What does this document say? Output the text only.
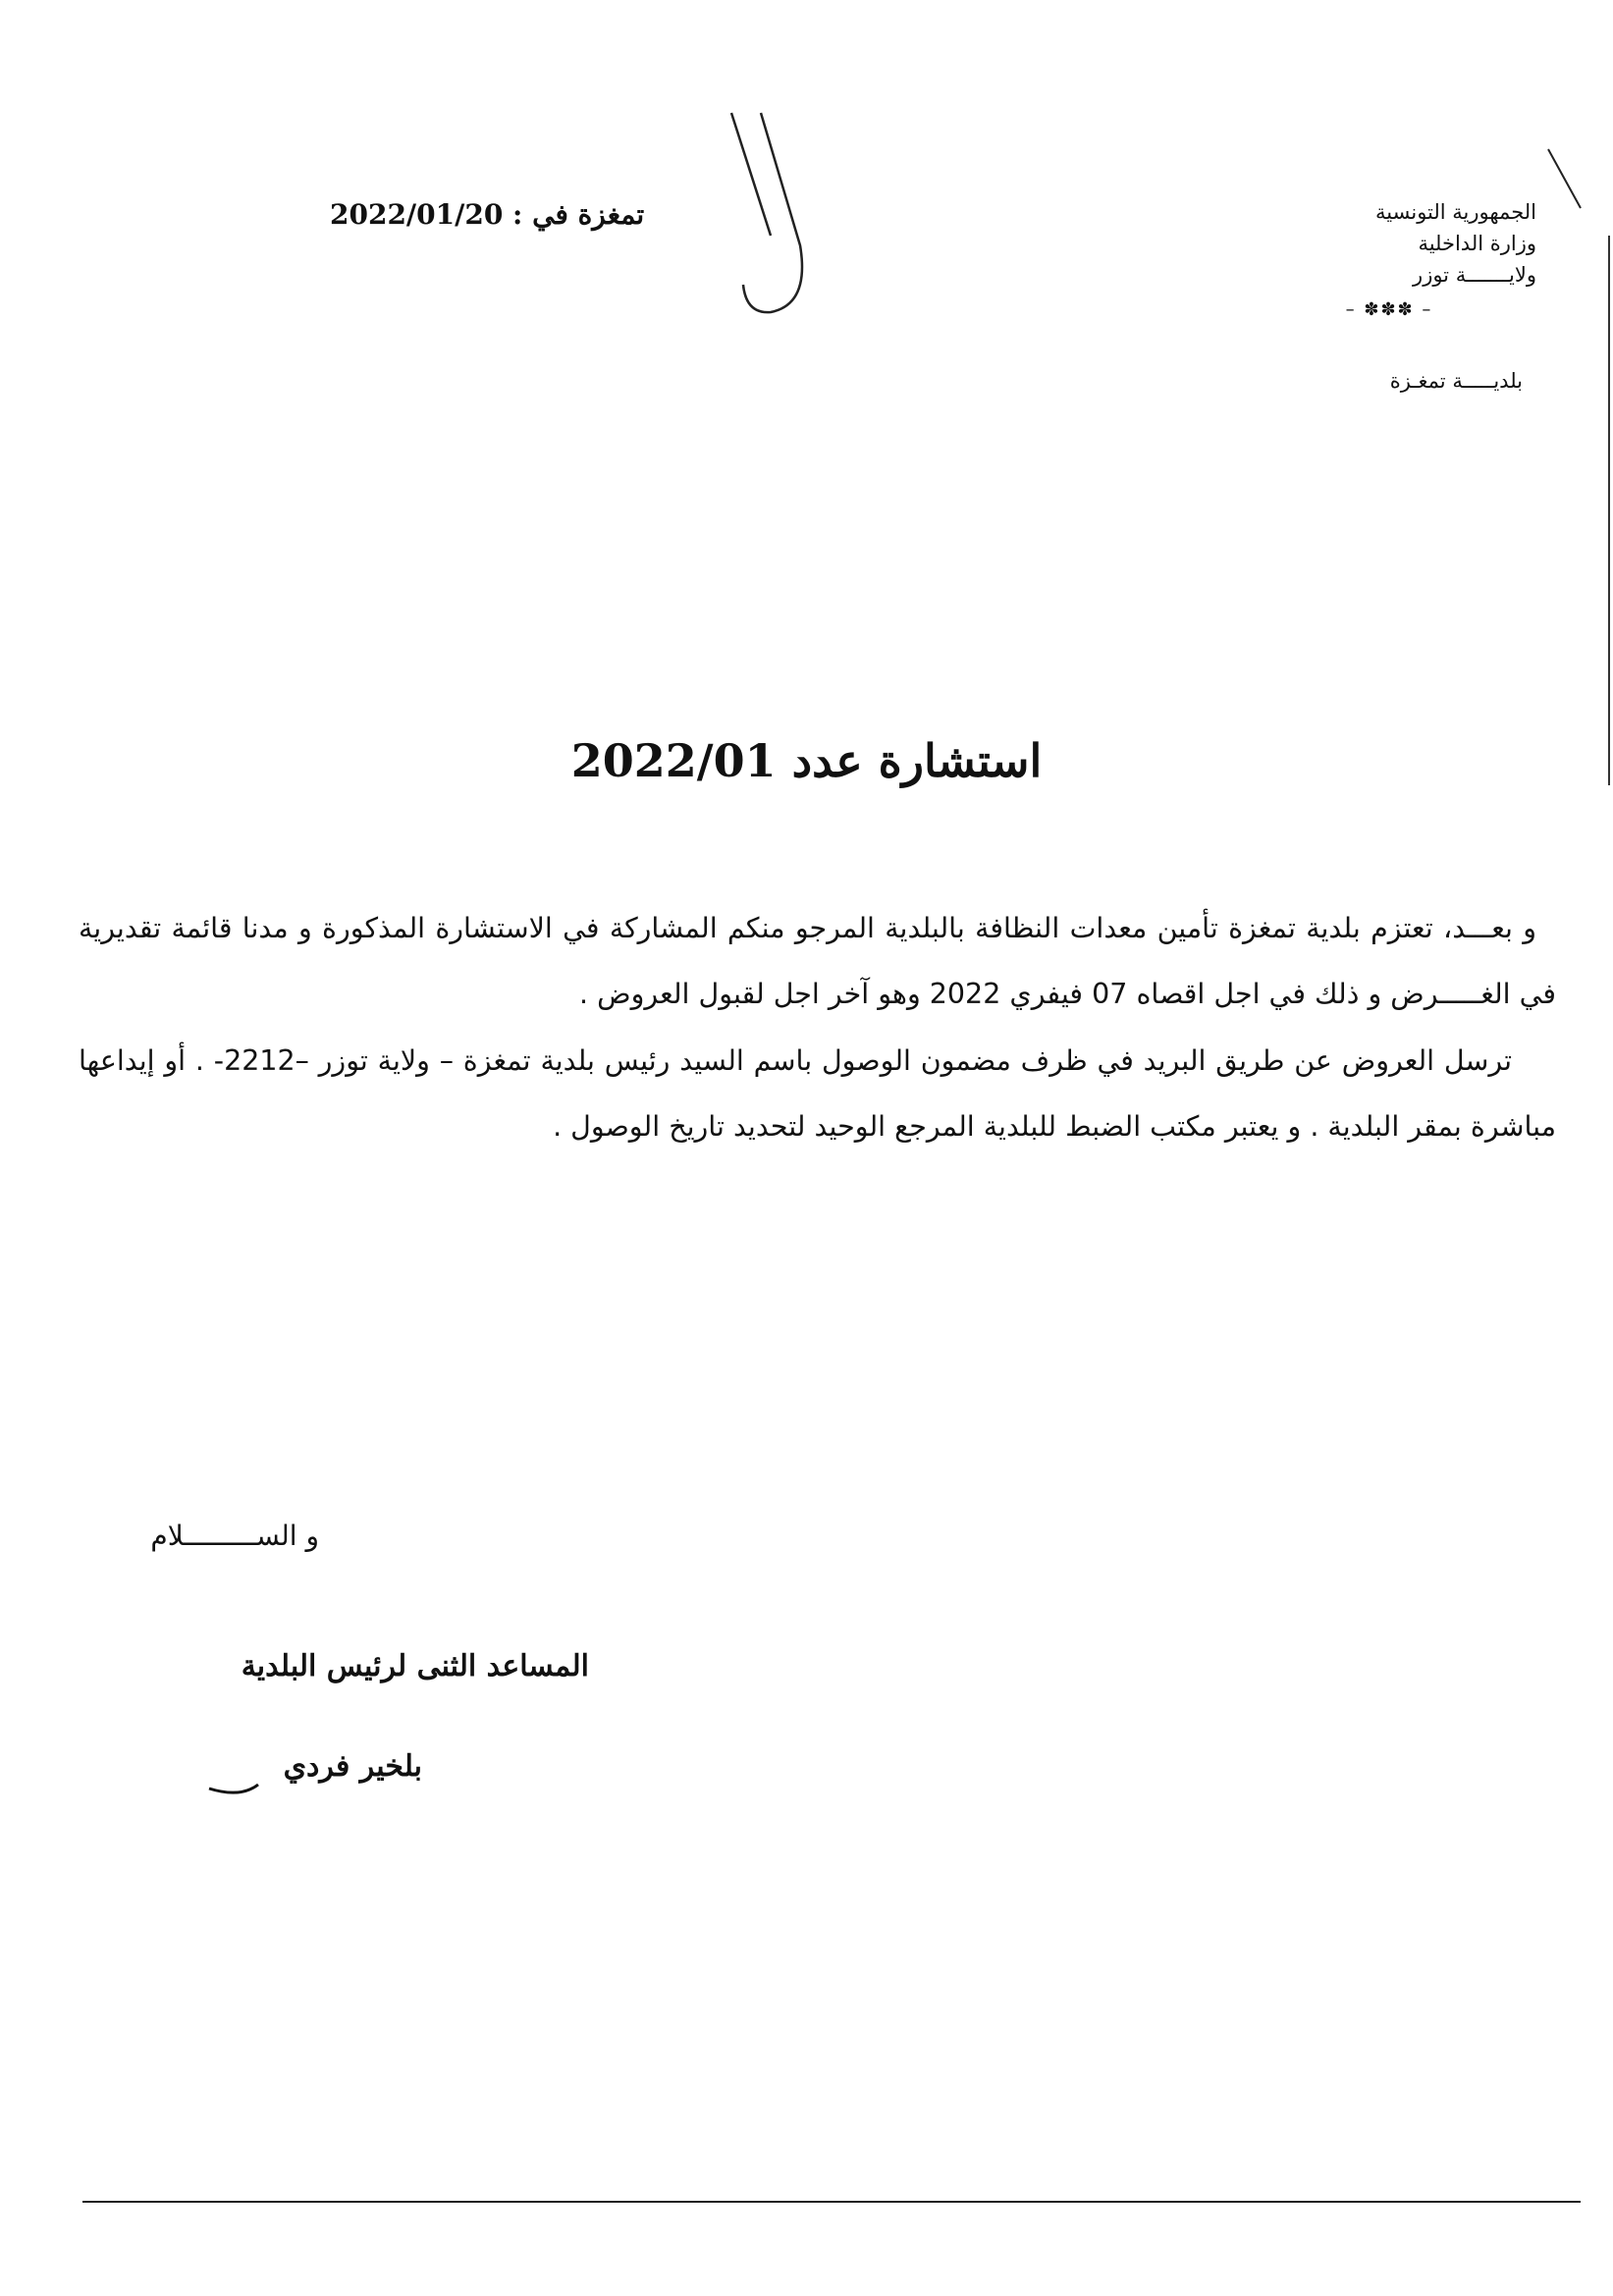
الجمهورية التونسية
وزارة الداخلية
ولايـــــــة توزر
– ✽✽✽ –
بلديـــــة تمغـزة
تمغزة في : 2022/01/20
استشارة عدد 2022/01

و بعـــد، تعتزم بلدية تمغزة تأمين معدات النظافة بالبلدية المرجو منكم المشاركة في الاستشارة المذكورة و مدنا قائمة تقديرية في الغـــــرض و ذلك في اجل اقصاه 07 فيفري 2022 وهو آخر اجل لقبول العروض .

ترسل العروض عن طريق البريد في ظرف مضمون الوصول باسم السيد رئيس بلدية تمغزة – ولاية توزر –2212- . أو إيداعها مباشرة بمقر البلدية . و يعتبر مكتب الضبط للبلدية المرجع الوحيد لتحديد تاريخ الوصول .

و الســـــــــلام
المساعد الثنى لرئيس البلدية
بلخير فردي
